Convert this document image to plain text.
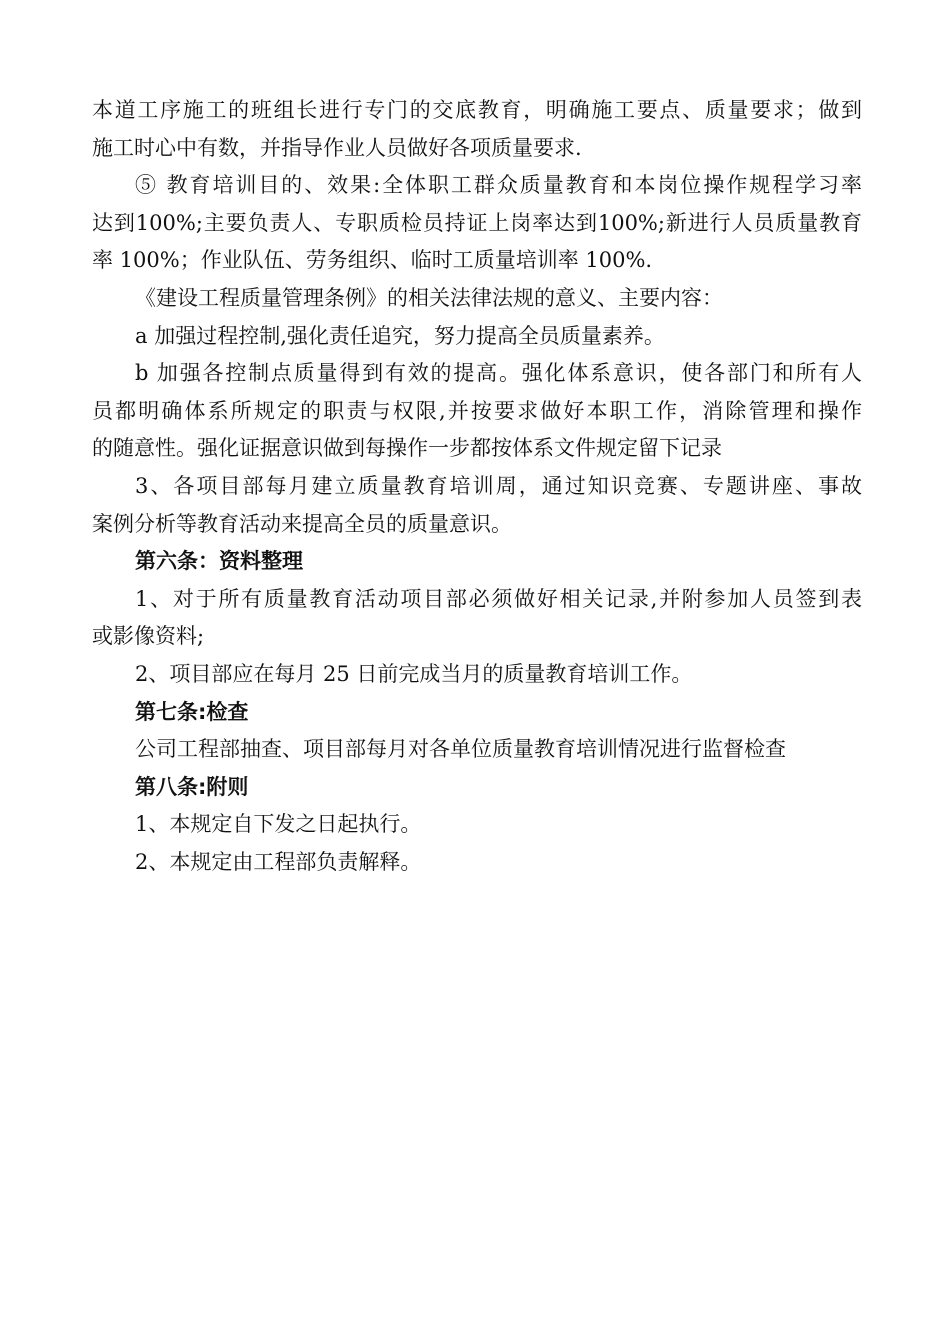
本道工序施工的班组长进行专门的交底教育，明确施工要点、质量要求；做到
施工时心中有数，并指导作业人员做好各项质量要求.
⑤ 教育培训目的、效果:全体职工群众质量教育和本岗位操作规程学习率
达到100%;主要负责人、专职质检员持证上岗率达到100%;新进行人员质量教育
率 100%；作业队伍、劳务组织、临时工质量培训率 100%.
《建设工程质量管理条例》的相关法律法规的意义、主要内容：
a 加强过程控制,强化责任追究，努力提高全员质量素养。
b 加强各控制点质量得到有效的提高。强化体系意识，使各部门和所有人
员都明确体系所规定的职责与权限,并按要求做好本职工作，消除管理和操作
的随意性。强化证据意识做到每操作一步都按体系文件规定留下记录
3、各项目部每月建立质量教育培训周，通过知识竞赛、专题讲座、事故
案例分析等教育活动来提高全员的质量意识。
第六条：资料整理
1、对于所有质量教育活动项目部必须做好相关记录,并附参加人员签到表
或影像资料;
2、项目部应在每月 25 日前完成当月的质量教育培训工作。
第七条:检查
公司工程部抽查、项目部每月对各单位质量教育培训情况进行监督检查
第八条:附则
1、本规定自下发之日起执行。
2、本规定由工程部负责解释。
